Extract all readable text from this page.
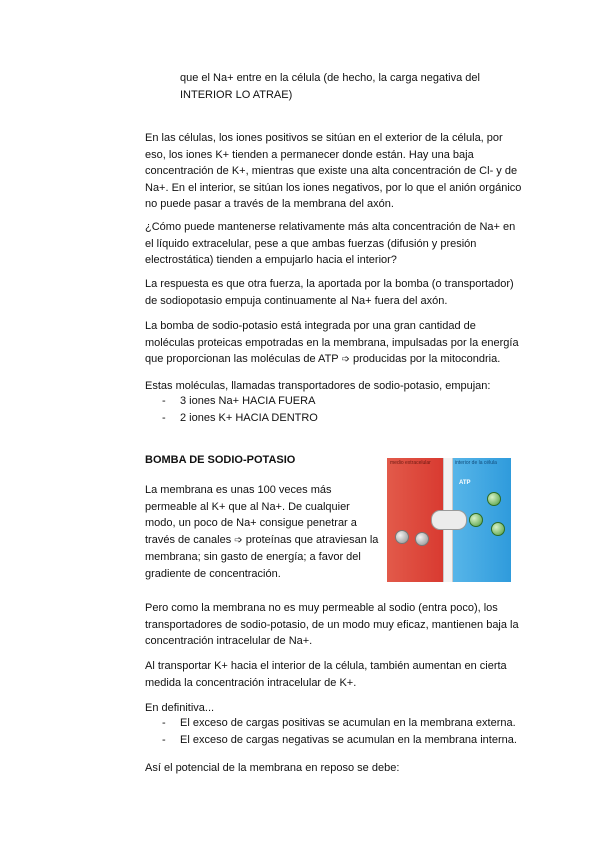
que el Na+ entre en la célula (de hecho, la carga negativa del INTERIOR LO ATRAE)

En las células, los iones positivos se sitúan en el exterior de la célula, por eso, los iones K+ tienden a permanecer donde están. Hay una baja concentración de K+, mientras que existe una alta concentración de Cl- y de Na+. En el interior, se sitúan los iones negativos, por lo que el anión orgánico no puede pasar a través de la membrana del axón.

¿Cómo puede mantenerse relativamente más alta concentración de Na+ en el líquido extracelular, pese a que ambas fuerzas (difusión y presión electrostática) tienden a empujarlo hacia el interior?

La respuesta es que otra fuerza, la aportada por la bomba (o transportador) de sodiopotasio empuja continuamente al Na+ fuera del axón.

La bomba de sodio-potasio está integrada por una gran cantidad de moléculas proteicas empotradas en la membrana, impulsadas por la energía que proporcionan las moléculas de ATP ➩ producidas por la mitocondria.

Estas moléculas, llamadas transportadores de sodio-potasio, empujan:

- 3 iones Na+ HACIA FUERA
- 2 iones K+ HACIA DENTRO

BOMBA DE SODIO-POTASIO

La membrana es unas 100 veces más permeable al K+ que al Na+. De cualquier modo, un poco de Na+ consigue penetrar a través de canales ➩ proteínas que atraviesan la membrana; sin gasto de energía; a favor del gradiente de concentración.

medio extracelular	interior de la célula
ATP

Pero como la membrana no es muy permeable al sodio (entra poco), los transportadores de sodio-potasio, de un modo muy eficaz, mantienen baja la concentración intracelular de Na+.

Al transportar K+ hacia el interior de la célula, también aumentan en cierta medida la concentración intracelular de K+.

En definitiva...

- El exceso de cargas positivas se acumulan en la membrana externa.
- El exceso de cargas negativas se acumulan en la membrana interna.

Así el potencial de la membrana en reposo se debe:
